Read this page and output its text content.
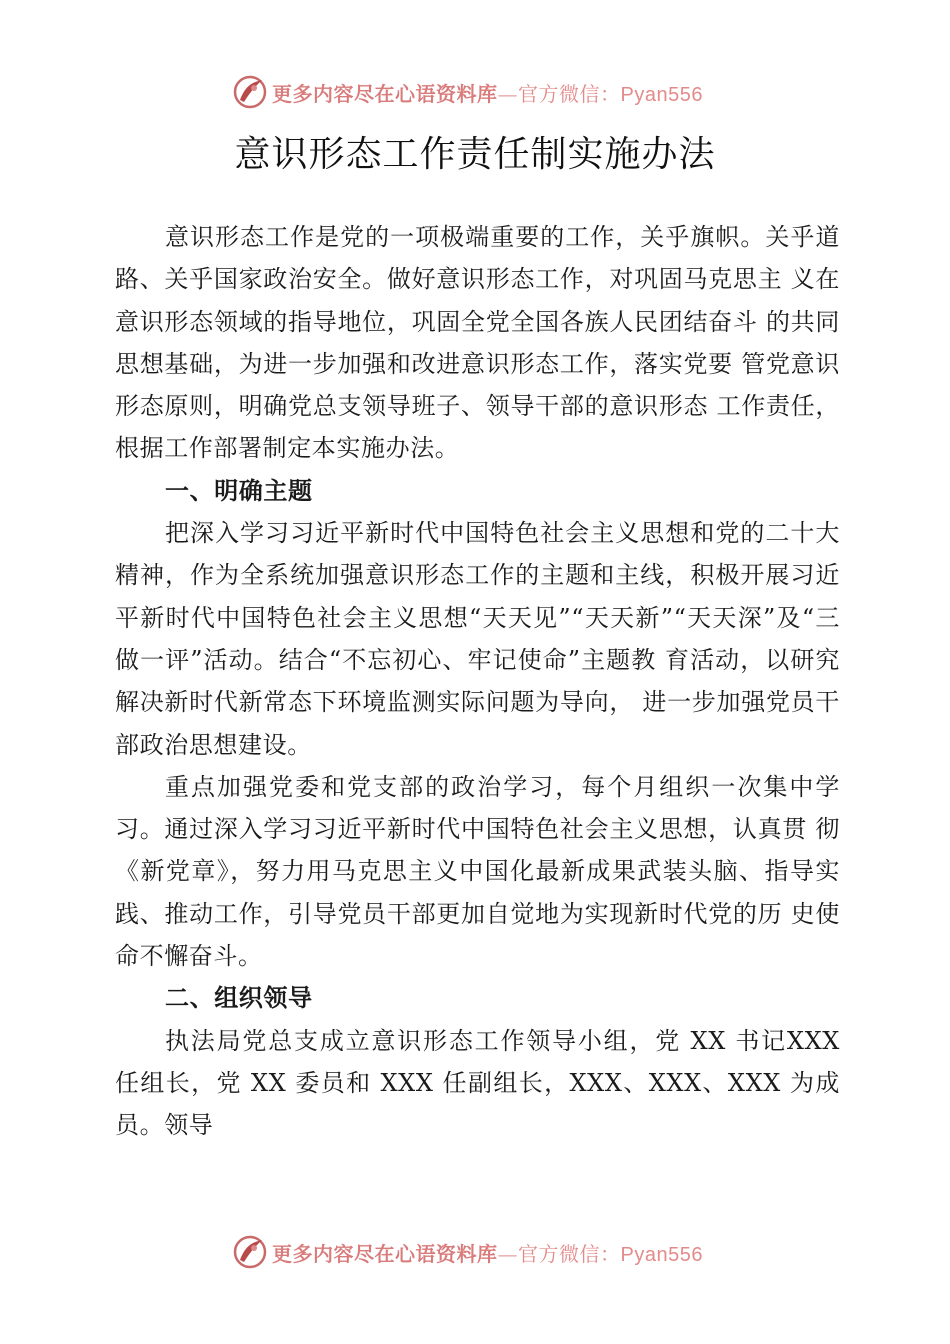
更多内容尽在心语资料库—官方微信：Pyan556
意识形态工作责任制实施办法

意识形态工作是党的一项极端重要的工作，关乎旗帜。关乎道路、关乎国家政治安全。做好意识形态工作，对巩固马克思主 义在意识形态领域的指导地位，巩固全党全国各族人民团结奋斗 的共同思想基础，为进一步加强和改进意识形态工作，落实党要 管党意识形态原则，明确党总支领导班子、领导干部的意识形态 工作责任，根据工作部署制定本实施办法。

一、明确主题

把深入学习习近平新时代中国特色社会主义思想和党的二十大精神，作为全系统加强意识形态工作的主题和主线，积极开展习近平新时代中国特色社会主义思想“天天见”“天天新”“天天深”及“三做一评”活动。结合“不忘初心、牢记使命”主题教 育活动，以研究解决新时代新常态下环境监测实际问题为导向， 进一步加强党员干部政治思想建设。

重点加强党委和党支部的政治学习，每个月组织一次集中学习。通过深入学习习近平新时代中国特色社会主义思想，认真贯 彻《新党章》，努力用马克思主义中国化最新成果武装头脑、指导实践、推动工作，引导党员干部更加自觉地为实现新时代党的历 史使命不懈奋斗。

二、组织领导

执法局党总支成立意识形态工作领导小组，党 XX 书记XXX 任组长，党 XX 委员和 XXX 任副组长，XXX、XXX、XXX 为成员。领导

更多内容尽在心语资料库—官方微信：Pyan556
